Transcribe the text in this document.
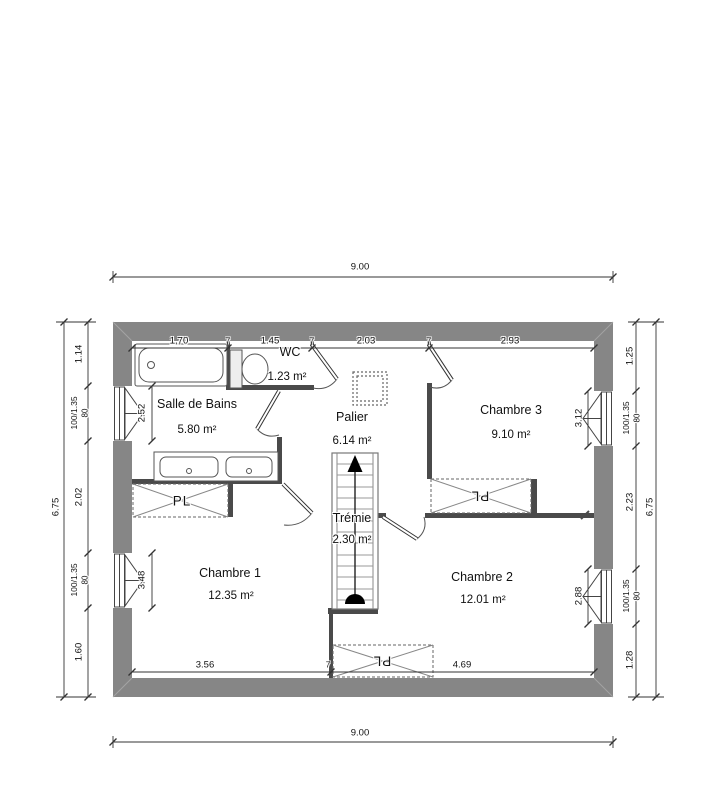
9.00
9.00
6.75	6.75
1.70	7	1.45	7	2.03	7	2.93
3.56	7	4.69
1.14
100/1.35 80
2.02
100/1.35 80
1.60
1.25
100/1.35 80
2.23
100/1.35 80
1.28
2.52
3.48
3.12
2.88
Salle de Bains
5.80 m²
WC
1.23 m²
Palier
6.14 m²
Chambre 3
9.10 m²
Chambre 1
12.35 m²
Chambre 2
12.01 m²
Trémie
2.30 m²
PL	PL
PL
